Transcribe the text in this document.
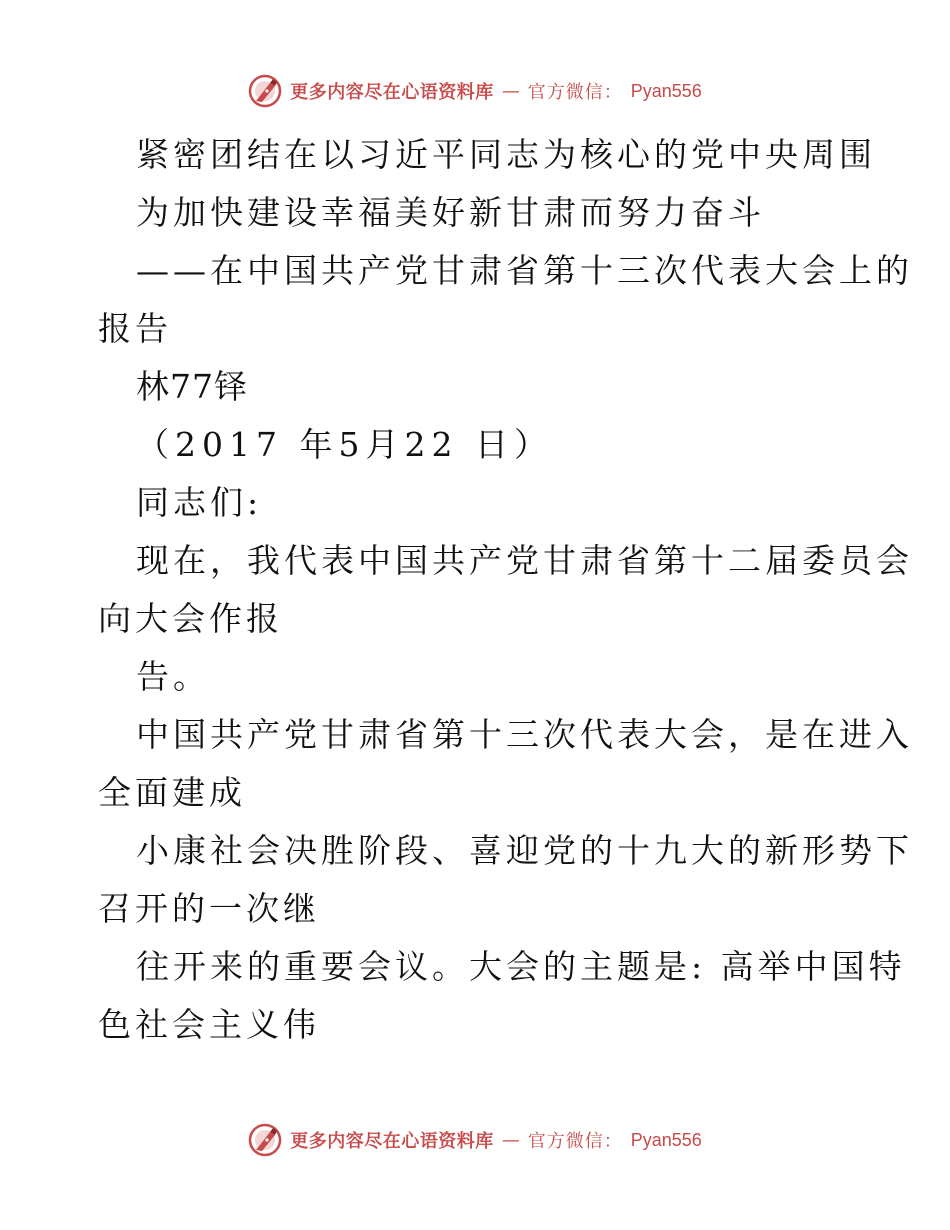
更多内容尽在心语资料库 — 官方微信： Pyan556
紧密团结在以习近平同志为核心的党中央周围
为加快建设幸福美好新甘肃而努力奋斗
——在中国共产党甘肃省第十三次代表大会上的
报告
林77铎
（2017 年5月22 日）
同志们:
现在，我代表中国共产党甘肃省第十二届委员会
向大会作报
告。
中国共产党甘肃省第十三次代表大会，是在进入
全面建成
小康社会决胜阶段、喜迎党的十九大的新形势下
召开的一次继
往开来的重要会议。大会的主题是: 高举中国特
色社会主义伟
更多内容尽在心语资料库 — 官方微信： Pyan556
